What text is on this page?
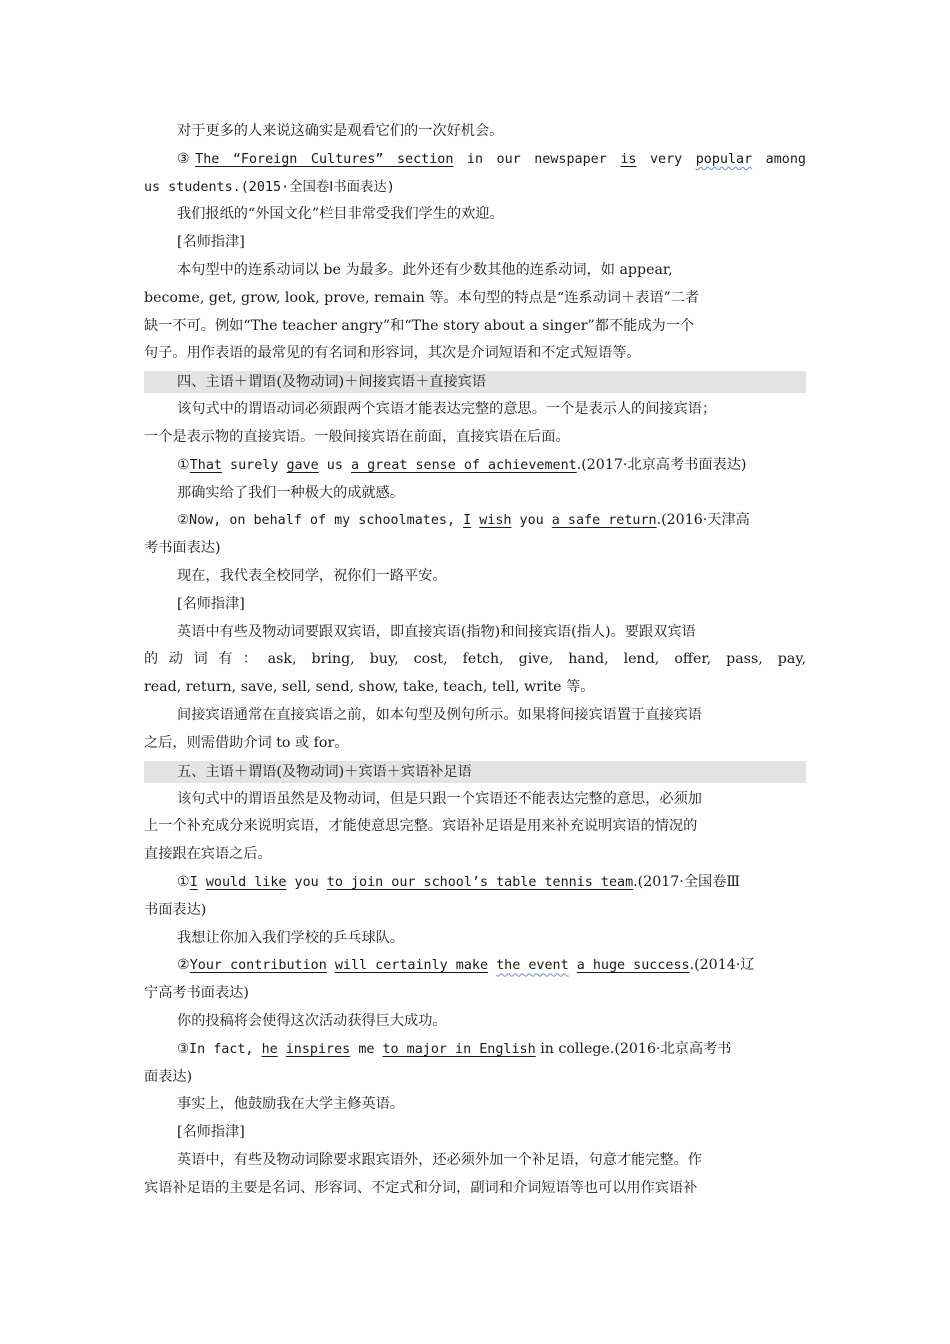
对于更多的人来说这确实是观看它们的一次好机会。
③The “Foreign Cultures” section in our newspaper is very popular among
us students.(2015·全国卷Ⅰ书面表达)
我们报纸的“外国文化”栏目非常受我们学生的欢迎。
[名师指津]
本句型中的连系动词以 be 为最多。此外还有少数其他的连系动词，如 appear,
become, get, grow, look, prove, remain 等。本句型的特点是“连系动词＋表语”二者
缺一不可。例如“The teacher angry”和“The story about a singer”都不能成为一个
句子。用作表语的最常见的有名词和形容词，其次是介词短语和不定式短语等。
四、主语＋谓语(及物动词)＋间接宾语＋直接宾语
该句式中的谓语动词必须跟两个宾语才能表达完整的意思。一个是表示人的间接宾语；
一个是表示物的直接宾语。一般间接宾语在前面，直接宾语在后面。
①That surely gave us a great sense of achievement.(2017·北京高考书面表达)
那确实给了我们一种极大的成就感。
②Now, on behalf of my schoolmates, I wish you a safe return.(2016·天津高
考书面表达)
现在，我代表全校同学，祝你们一路平安。
[名师指津]
英语中有些及物动词要跟双宾语，即直接宾语(指物)和间接宾语(指人)。要跟双宾语
的动词有：ask, bring, buy, cost, fetch, give, hand, lend, offer, pass, pay,
read, return, save, sell, send, show, take, teach, tell, write 等。
间接宾语通常在直接宾语之前，如本句型及例句所示。如果将间接宾语置于直接宾语
之后，则需借助介词 to 或 for。
五、主语＋谓语(及物动词)＋宾语＋宾语补足语
该句式中的谓语虽然是及物动词，但是只跟一个宾语还不能表达完整的意思，必须加
上一个补充成分来说明宾语，才能使意思完整。宾语补足语是用来补充说明宾语的情况的
直接跟在宾语之后。
①I would like you to join our school’s table tennis team.(2017·全国卷Ⅲ
书面表达)
我想让你加入我们学校的乒乓球队。
②Your contribution will certainly make the event a huge success.(2014·辽
宁高考书面表达)
你的投稿将会使得这次活动获得巨大成功。
③In fact, he inspires me to major in English in college.(2016·北京高考书
面表达)
事实上，他鼓励我在大学主修英语。
[名师指津]
英语中，有些及物动词除要求跟宾语外，还必须外加一个补足语，句意才能完整。作
宾语补足语的主要是名词、形容词、不定式和分词，副词和介词短语等也可以用作宾语补
